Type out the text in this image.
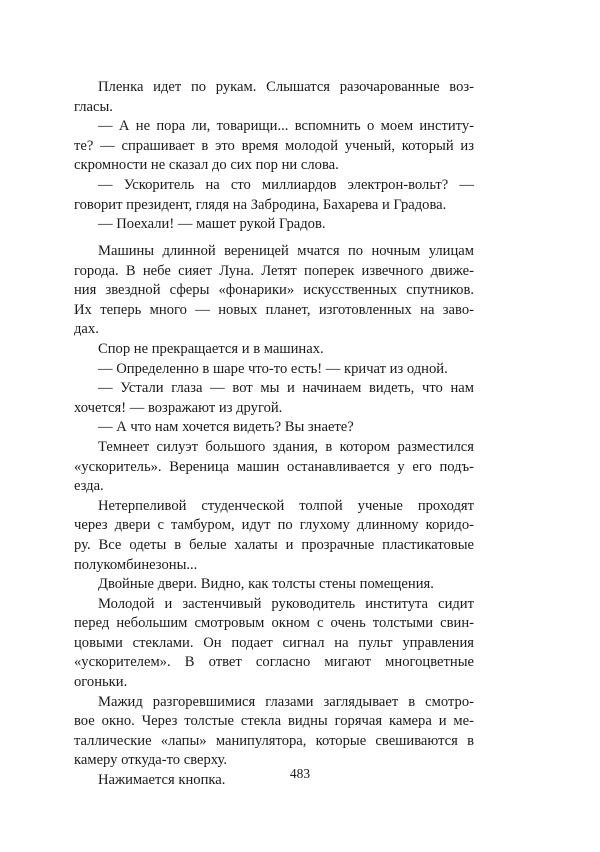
Пленка идет по рукам. Слышатся разочарованные воз-
гласы.
— А не пора ли, товарищи... вспомнить о моем институ-
те? — спрашивает в это время молодой ученый, который из
скромности не сказал до сих пор ни слова.
— Ускоритель на сто миллиардов электрон-вольт? —
говорит президент, глядя на Забродина, Бахарева и Градова.
— Поехали! — машет рукой Градов.
Машины длинной вереницей мчатся по ночным улицам
города. В небе сияет Луна. Летят поперек извечного движе-
ния звездной сферы «фонарики» искусственных спутников.
Их теперь много — новых планет, изготовленных на заво-
дах.
Спор не прекращается и в машинах.
— Определенно в шаре что-то есть! — кричат из одной.
— Устали глаза — вот мы и начинаем видеть, что нам
хочется! — возражают из другой.
— А что нам хочется видеть? Вы знаете?
Темнеет силуэт большого здания, в котором разместился
«ускоритель». Вереница машин останавливается у его подъ-
езда.
Нетерпеливой студенческой толпой ученые проходят
через двери с тамбуром, идут по глухому длинному коридо-
ру. Все одеты в белые халаты и прозрачные пластикатовые
полукомбинезоны...
Двойные двери. Видно, как толсты стены помещения.
Молодой и застенчивый руководитель института сидит
перед небольшим смотровым окном с очень толстыми свин-
цовыми стеклами. Он подает сигнал на пульт управления
«ускорителем». В ответ согласно мигают многоцветные
огоньки.
Мажид разгоревшимися глазами заглядывает в смотро-
вое окно. Через толстые стекла видны горячая камера и ме-
таллические «лапы» манипулятора, которые свешиваются в
камеру откуда-то сверху.
Нажимается кнопка.	483
